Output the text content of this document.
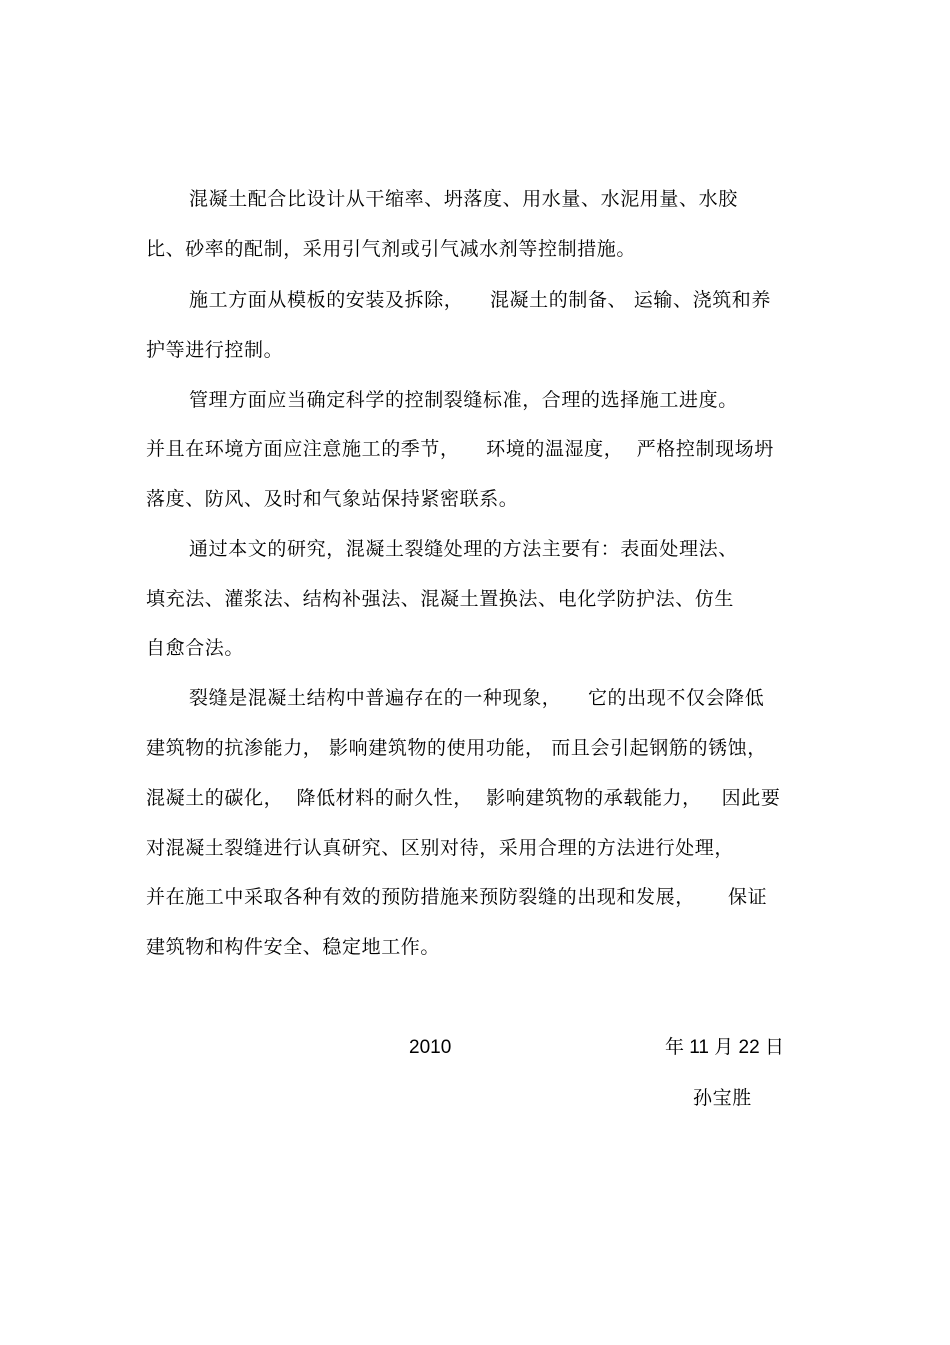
混凝土配合比设计从干缩率、坍落度、用水量、水泥用量、水胶
比、砂率的配制，采用引气剂或引气减水剂等控制措施。
施工方面从模板的安装及拆除，    混凝土的制备、 运输、浇筑和养
护等进行控制。
管理方面应当确定科学的控制裂缝标准，合理的选择施工进度。
并且在环境方面应注意施工的季节，    环境的温湿度，  严格控制现场坍
落度、防风、及时和气象站保持紧密联系。
通过本文的研究，混凝土裂缝处理的方法主要有：表面处理法、
填充法、灌浆法、结构补强法、混凝土置换法、电化学防护法、仿生
自愈合法。
裂缝是混凝土结构中普遍存在的一种现象，    它的出现不仅会降低
建筑物的抗渗能力， 影响建筑物的使用功能， 而且会引起钢筋的锈蚀，
混凝土的碳化，  降低材料的耐久性，  影响建筑物的承载能力，   因此要
对混凝土裂缝进行认真研究、区别对待，采用合理的方法进行处理，
并在施工中采取各种有效的预防措施来预防裂缝的出现和发展，     保证
建筑物和构件安全、稳定地工作。
2010	年 11 月 22 日
孙宝胜
